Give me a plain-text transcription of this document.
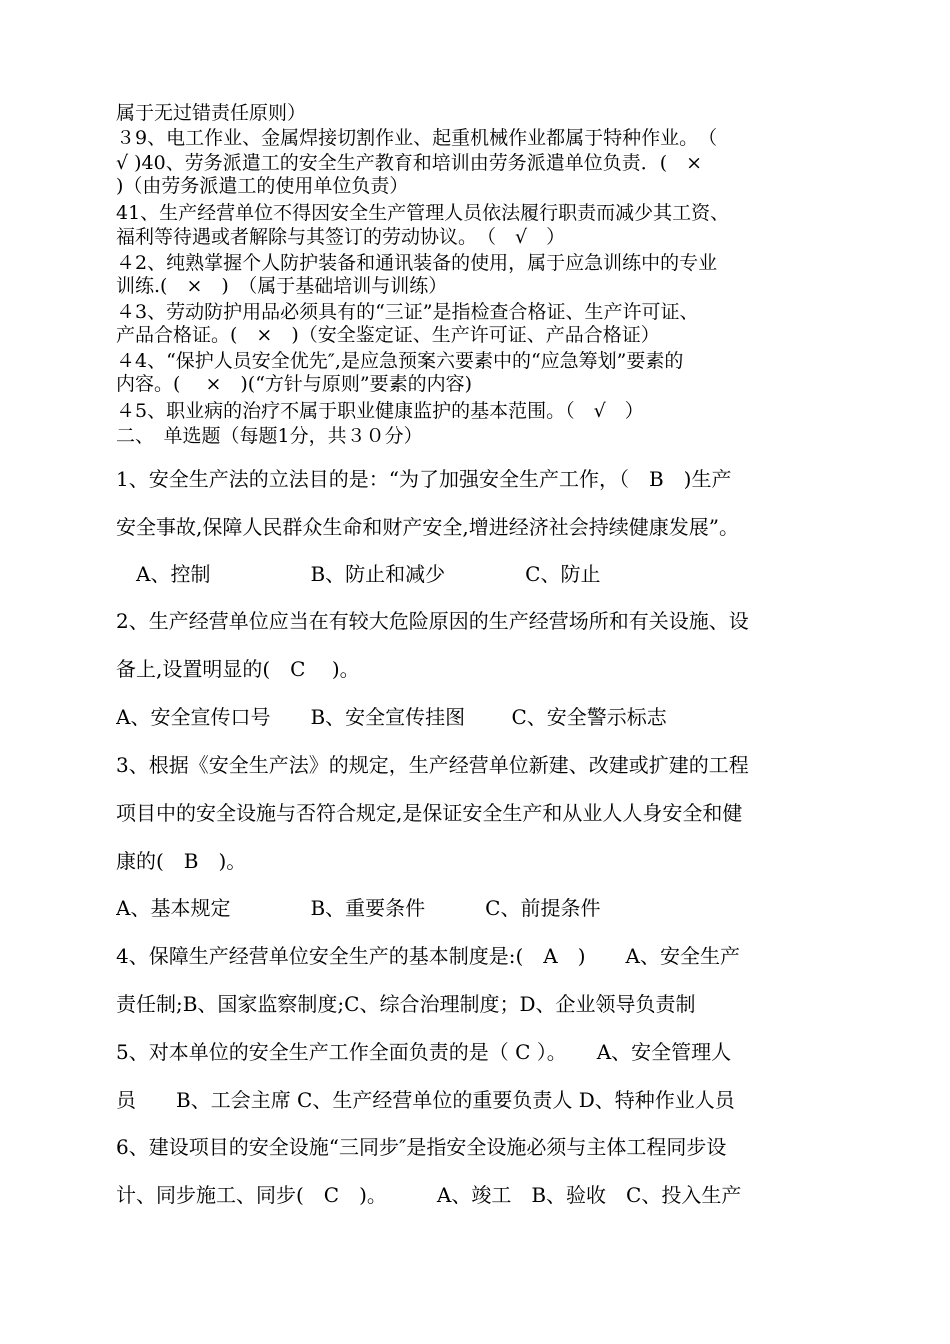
属于无过错责任原则）
３9、电工作业、金属焊接切割作业、起重机械作业都属于特种作业。　（
√ )40、劳务派遣工的安全生产教育和培训由劳务派遣单位负责．(　×　
)（由劳务派遣工的使用单位负责）
41、生产经营单位不得因安全生产管理人员依法履行职责而减少其工资、
福利等待遇或者解除与其签订的劳动协议。　（　√　）
４2、纯熟掌握个人防护装备和通讯装备的使用，属于应急训练中的专业
训练.(　×　)　（属于基础培训与训练）
４3、劳动防护用品必须具有的“三证”是指检查合格证、生产许可证、
产品合格证。(　×　)（安全鉴定证、生产许可证、产品合格证）
４4、“保护人员安全优先″,是应急预案六要素中的“应急筹划”要素的
内容。(　 ×　)(“方针与原则”要素的内容)
４5、职业病的治疗不属于职业健康监护的基本范围。（　√　）
二、　单选题（每题1分，共３０分）
1、安全生产法的立法目的是：“为了加强安全生产工作，（　B　)生产
安全事故,保障人民群众生命和财产安全,增进经济社会持续健康发展”。
　A、控制　　　　　B、防止和减少　　　　C、防止
2、生产经营单位应当在有较大危险原因的生产经营场所和有关设施、设
备上,设置明显的(　C　 )。
A、安全宣传口号　　B、安全宣传挂图　　 C、安全警示标志
3、根据《安全生产法》的规定，生产经营单位新建、改建或扩建的工程
项目中的安全设施与否符合规定,是保证安全生产和从业人人身安全和健
康的(　B　)。
A、基本规定　　　　B、重要条件　　　C、前提条件
4、保障生产经营单位安全生产的基本制度是:(　A　)　　A、安全生产
责任制;B、国家监察制度;C、综合治理制度；D、企业领导负责制
5、对本单位的安全生产工作全面负责的是（ C ）。　　A、安全管理人
员　　B、工会主席 C、生产经营单位的重要负责人 D、特种作业人员
6、建设项目的安全设施“三同步″是指安全设施必须与主体工程同步设
计、同步施工、同步(　C　)。　　　A、竣工　B、验收　C、投入生产
